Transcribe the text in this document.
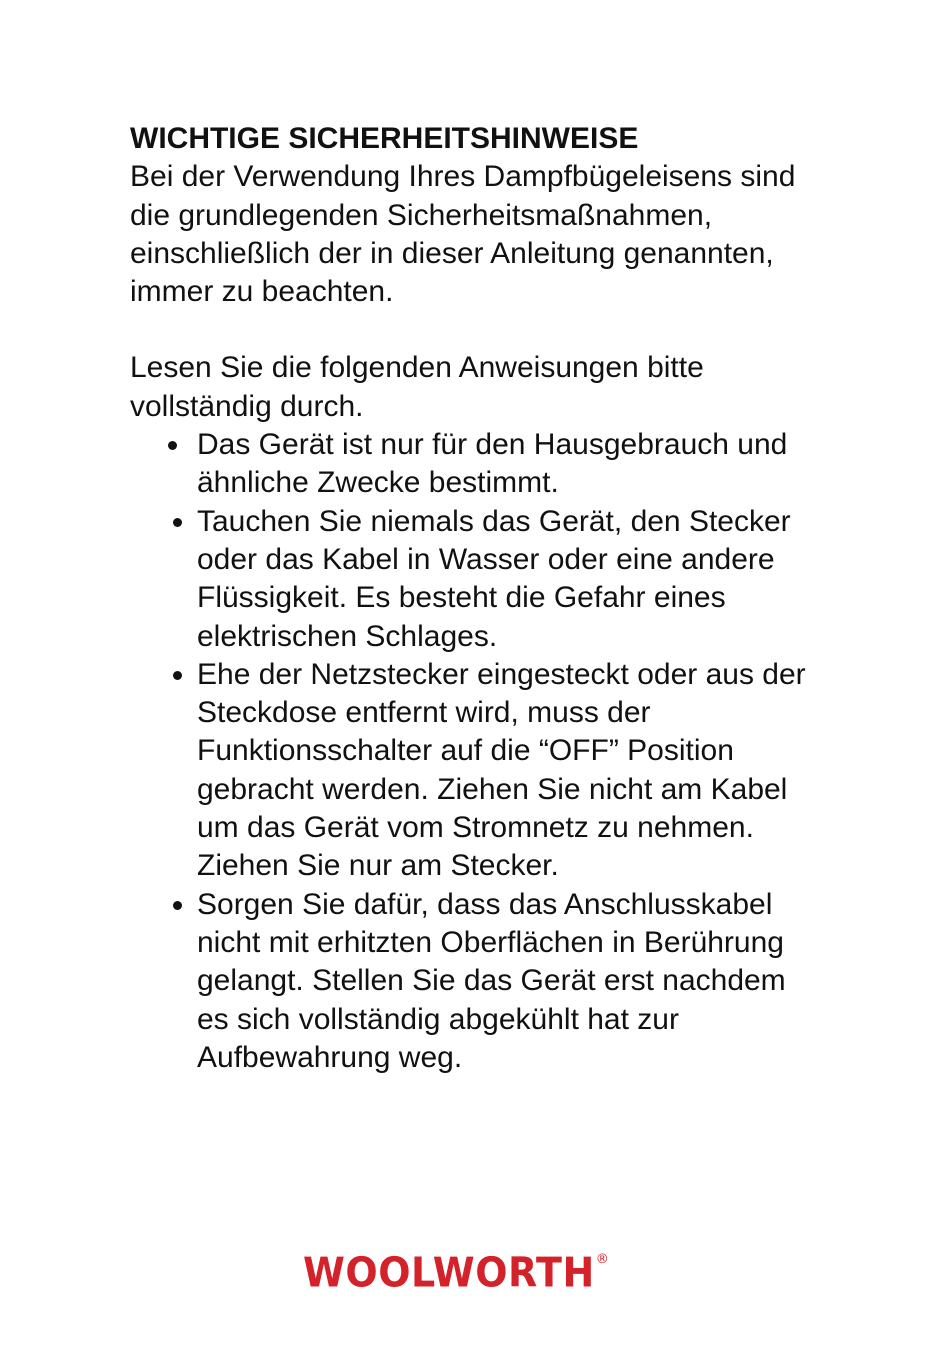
WICHTIGE SICHERHEITSHINWEISE

Bei der Verwendung Ihres Dampfbügeleisens sind die grundlegenden Sicherheitsmaßnahmen, einschließlich der in dieser Anleitung genannten, immer zu beachten.

Lesen Sie die folgenden Anweisungen bitte vollständig durch.

Das Gerät ist nur für den Hausgebrauch und ähnliche Zwecke bestimmt.
Tauchen Sie niemals das Gerät, den Stecker oder das Kabel in Wasser oder eine andere Flüssigkeit. Es besteht die Gefahr eines elektrischen Schlages.
Ehe der Netzstecker eingesteckt oder aus der Steckdose entfernt wird, muss der Funktionsschalter auf die “OFF” Position gebracht werden. Ziehen Sie nicht am Kabel um das Gerät vom Stromnetz zu nehmen. Ziehen Sie nur am Stecker.
Sorgen Sie dafür, dass das Anschlusskabel nicht mit erhitzten Oberflächen in Berührung gelangt. Stellen Sie das Gerät erst nachdem es sich vollständig abgekühlt hat zur Aufbewahrung weg.
WOOLWORTH ®
